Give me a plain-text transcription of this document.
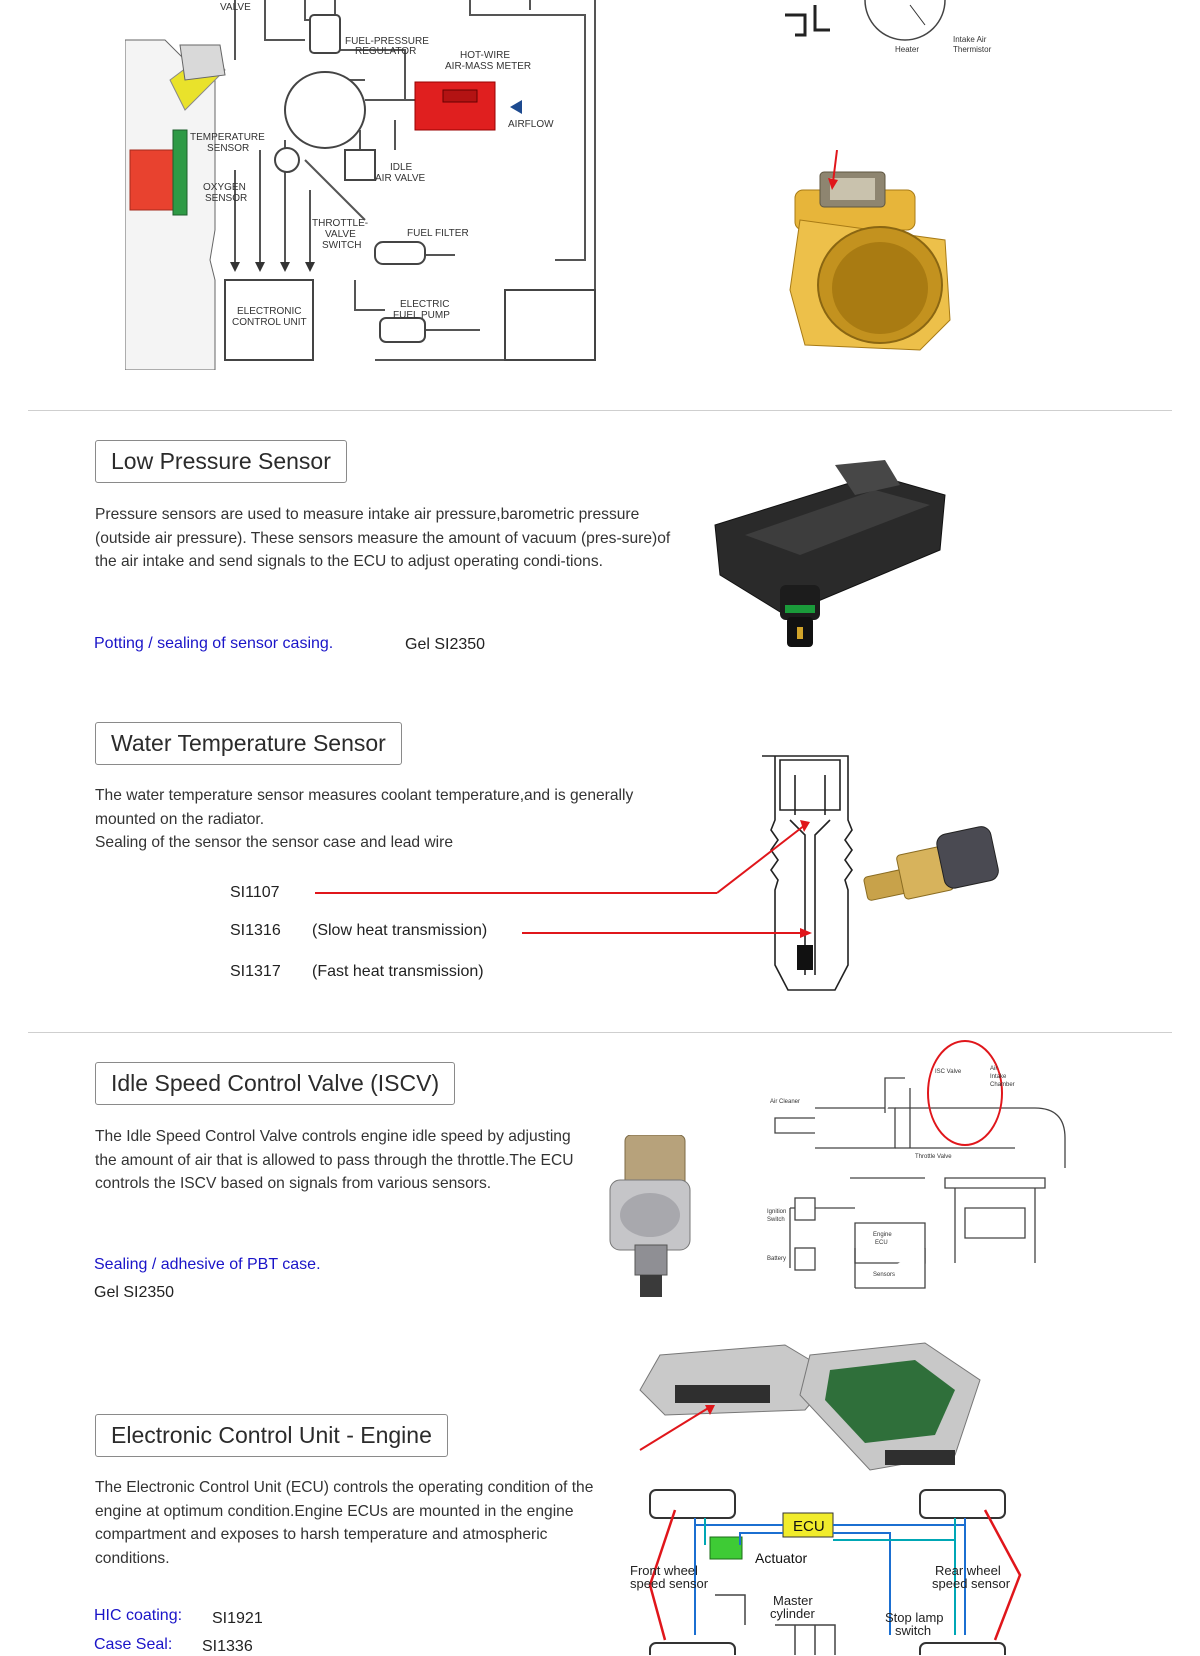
AIRFLOW
FUEL-PRESSURE
REGULATOR	HOT-WIRE
AIR-MASS METER
VALVE
TEMPERATURE
SENSOR
OXYGEN
SENSOR
IDLE
AIR VALVE
THROTTLE-
VALVE
SWITCH
FUEL FILTER
ELECTRONIC
CONTROL UNIT
ELECTRIC
FUEL PUMP
Heater
Intake Air
Thermistor
Low Pressure Sensor
Pressure sensors are used to measure intake air pressure,barometric pressure (outside air pressure). These sensors measure the amount of vacuum (pres-sure)of the air intake and send signals to the ECU to adjust operating condi-tions.
Potting / sealing of sensor casing.	Gel SI2350
Water Temperature Sensor
The water temperature sensor measures coolant temperature,and is generally mounted on the radiator.
Sealing of the sensor the sensor case and lead wire
SI1107
SI1316 (Slow heat transmission)
SI1317 (Fast heat transmission)
Idle Speed Control Valve (ISCV)
The Idle Speed Control Valve controls engine idle speed by adjusting the amount of air that is allowed to pass through the throttle.The ECU controls the ISCV based on signals from various sensors.
Sealing / adhesive of PBT case.
Gel SI2350
Air Cleaner
ISC Valve	Air
Intake
Chamber
Throttle Valve
Ignition
Switch
Battery
Engine
ECU
Sensors
Electronic Control Unit - Engine
The Electronic Control Unit (ECU) controls the operating condition of the engine at optimum condition.Engine ECUs are mounted in the engine compartment and exposes to harsh temperature and atmospheric conditions.
HIC coating: SI1921
Case Seal: SI1336
ECU
Actuator
Front wheel
speed sensor
Rear wheel
speed sensor
Master
cylinder	Stop lamp
switch
